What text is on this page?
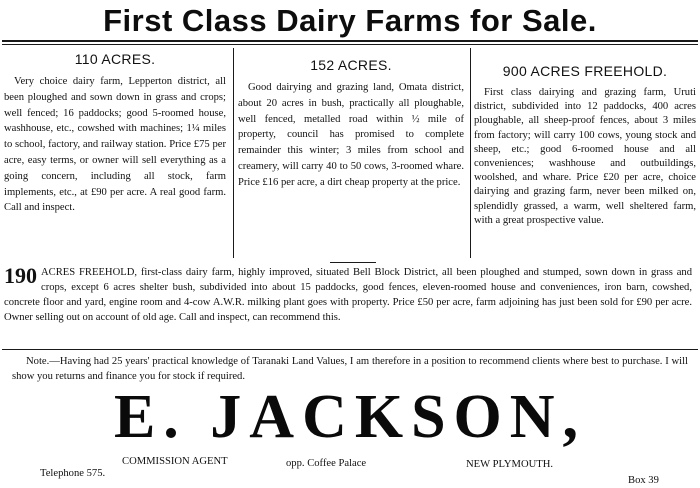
First Class Dairy Farms for Sale.
110 ACRES.

Very choice dairy farm, Lepperton district, all been ploughed and sown down in grass and crops; well fenced; 16 paddocks; good 5-roomed house, washhouse, etc., cowshed with machines; 1¼ miles to school, factory, and railway station. Price £75 per acre, easy terms, or owner will sell everything as a going concern, including all stock, farm implements, etc., at £90 per acre. A real good farm. Call and inspect.

152 ACRES.

Good dairying and grazing land, Omata district, about 20 acres in bush, practically all ploughable, well fenced, metalled road within ½ mile of property, council has promised to complete remainder this winter; 3 miles from school and creamery, will carry 40 to 50 cows, 3-roomed whare. Price £16 per acre, a dirt cheap property at the price.

900 ACRES FREEHOLD.

First class dairying and grazing farm, Uruti district, subdivided into 12 paddocks, 400 acres ploughable, all sheep-proof fences, about 3 miles from factory; will carry 100 cows, young stock and sheep, etc.; good 6-roomed house and all conveniences; washhouse and outbuildings, woolshed, and whare. Price £20 per acre, choice dairying and grazing farm, never been milked on, splendidly grassed, a warm, well sheltered farm, with a great prospective value.

190 ACRES FREEHOLD, first-class dairy farm, highly improved, situated Bell Block District, all been ploughed and stumped, sown down in grass and crops, except 6 acres shelter bush, subdivided into about 15 paddocks, good fences, eleven-roomed house and conveniences, iron barn, cowshed, concrete floor and yard, engine room and 4-cow A.W.R. milking plant goes with property. Price £50 per acre, farm adjoining has just been sold for £90 per acre. Owner selling out on account of old age. Call and inspect, can recommend this.
Note.—Having had 25 years' practical knowledge of Taranaki Land Values, I am therefore in a position to recommend clients where best to purchase. I will show you returns and finance you for stock if required.
E. JACKSON,
COMMISSION AGENT	opp. Coffee Palace	NEW PLYMOUTH.
Telephone 575.
Box 39
